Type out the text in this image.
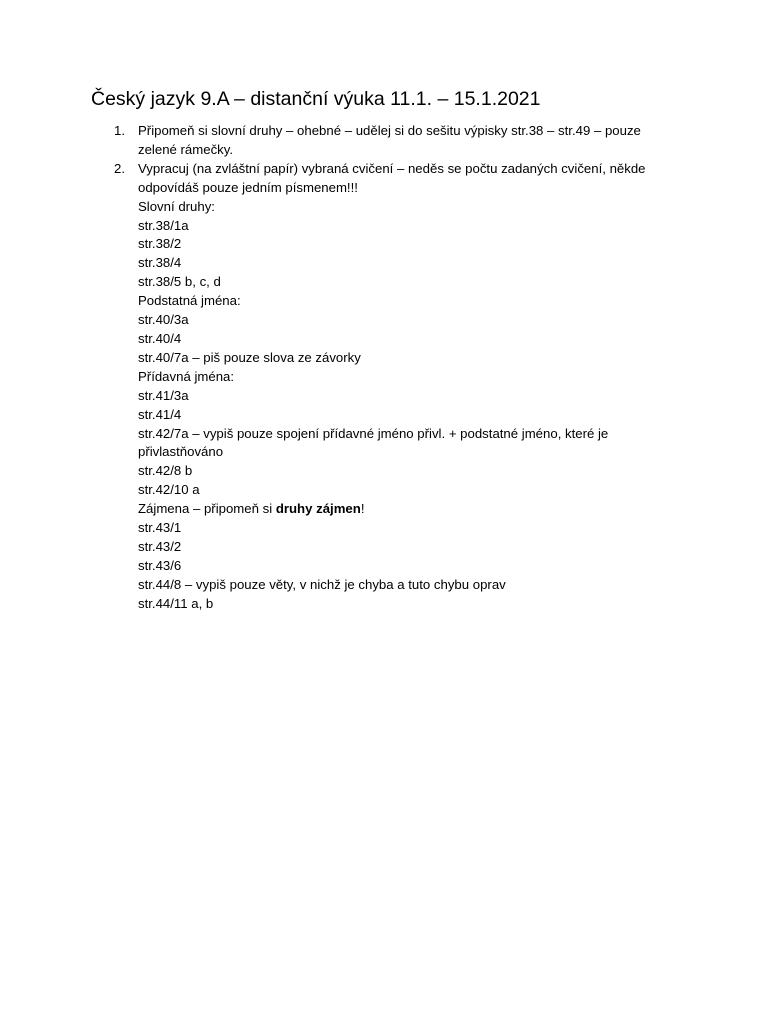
Český jazyk 9.A – distanční výuka 11.1. – 15.1.2021
1. Připomeň si slovní druhy – ohebné – udělej si do sešitu výpisky str.38 – str.49 – pouze
zelené rámečky.
2. Vypracuj (na zvláštní papír) vybraná cvičení – neděs se počtu zadaných cvičení, někde
odpovídáš pouze jedním písmenem!!!
Slovní druhy:
str.38/1a
str.38/2
str.38/4
str.38/5 b, c, d
Podstatná jména:
str.40/3a
str.40/4
str.40/7a – piš pouze slova ze závorky
Přídavná jména:
str.41/3a
str.41/4
str.42/7a – vypiš pouze spojení přídavné jméno přivl. + podstatné jméno, které je
přivlastňováno
str.42/8 b
str.42/10 a
Zájmena – připomeň si druhy zájmen!
str.43/1
str.43/2
str.43/6
str.44/8 – vypiš pouze věty, v nichž je chyba a tuto chybu oprav
str.44/11 a, b
